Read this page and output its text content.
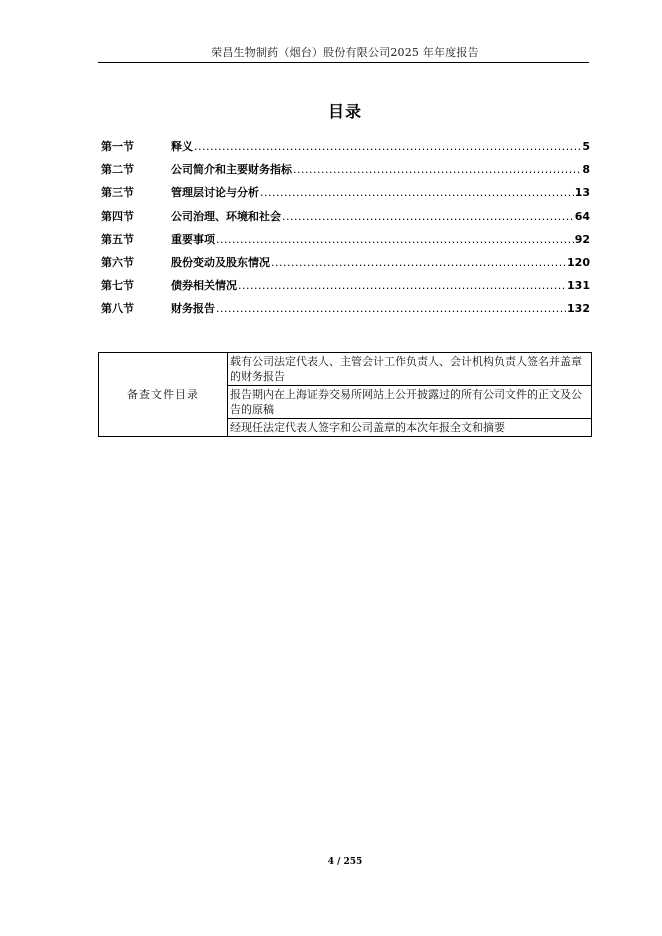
荣昌生物制药（烟台）股份有限公司2025 年年度报告
目录
第一节	释义 .....	5
第二节	公司简介和主要财务指标 .....	8
第三节	管理层讨论与分析 .....	13
第四节	公司治理、环境和社会 .....	64
第五节	重要事项 .....	92
第六节	股份变动及股东情况 .....	120
第七节	债券相关情况 .....	131
第八节	财务报告 .....	132
备查文件目录	载有公司法定代表人、主管会计工作负责人、会计机构负责人签名并盖章的财务报告
报告期内在上海证券交易所网站上公开披露过的所有公司文件的正文及公告的原稿
经现任法定代表人签字和公司盖章的本次年报全文和摘要
4 / 255
